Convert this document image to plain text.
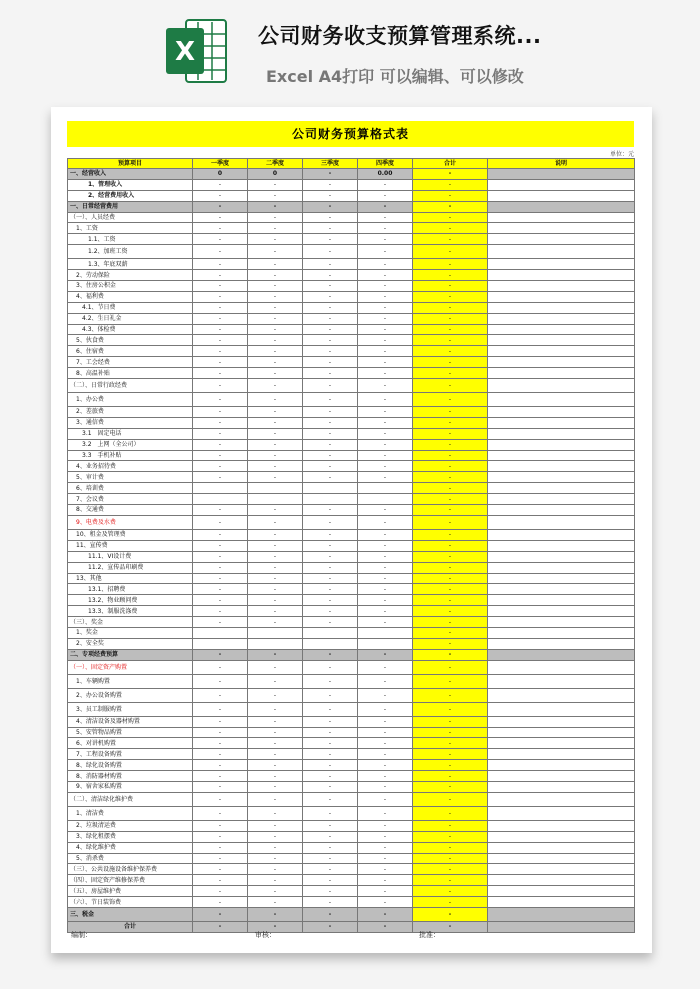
X
公司财务收支预算管理系统...
Excel A4打印 可以编辑、可以修改
公司财务预算格式表
单位：元
预算项目	一季度	二季度	三季度	四季度	合计	说明
一、经营收入	0	0	-	0.00	-	
1、管理收入	-	-	-	-	-	
2、经营费用收入	-	-	-	-	-	
一、日常经营费用	-	-	-	-	-	
（一）、人员经费	-	-	-	-	-	
1、工资	-	-	-	-	-	
1.1、工资	-	-	-	-	-	
1.2、加班工资	-	-	-	-	-	
1.3、年底双薪	-	-	-	-	-	
2、劳动保险	-	-	-	-	-	
3、住房公积金	-	-	-	-	-	
4、福利费	-	-	-	-	-	
4.1、节日费	-	-	-	-	-	
4.2、生日礼金	-	-	-	-	-	
4.3、体检费	-	-	-	-	-	
5、伙食费	-	-	-	-	-	
6、住宿费	-	-	-	-	-	
7、工会经费	-	-	-	-	-	
8、高温补贴	-	-	-	-	-	
（二）、日常行政经费	-	-	-	-	-	
1、办公费	-	-	-	-	-	
2、差旅费	-	-	-	-	-	
3、通信费	-	-	-	-	-	
3.1　固定电话	-	-	-	-	-	
3.2　上网（全公司）	-	-	-	-	-	
3.3　手机补贴	-	-	-	-	-	
4、业务招待费	-	-	-	-	-	
5、审计费	-	-	-	-	-	
6、培训费					-	
7、会议费					-	
8、交通费	-	-	-	-	-	
9、电费及水费	-	-	-	-	-	
10、租金及管理费	-	-	-	-	-	
11、宣传费	-	-	-	-	-	
11.1、VI设计费	-	-	-	-	-	
11.2、宣传品印刷费	-	-	-	-	-	
13、其他	-	-	-	-	-	
13.1、招聘费	-	-	-	-	-	
13.2、物业顾问费	-	-	-	-	-	
13.3、制服洗涤费	-	-	-	-	-	
（三）、奖金	-	-	-	-	-	
1、奖金					-	
2、安全奖					-	
二、专项经费预算	-	-	-	-	-	
（一）、固定资产购置	-	-	-	-	-	
1、车辆购置	-	-	-	-	-	
2、办公设备购置	-	-	-	-	-	
3、员工制服购置	-	-	-	-	-	
4、清洁设备及器材购置	-	-	-	-	-	
5、安管物品购置	-	-	-	-	-	
6、对讲机购置	-	-	-	-	-	
7、工程设备购置	-	-	-	-	-	
8、绿化设备购置	-	-	-	-	-	
8、消防器材购置	-	-	-	-	-	
9、宿舍家私购置	-	-	-	-	-	
（二）、清洁绿化维护费	-	-	-	-	-	
1、清洁费	-	-	-	-	-	
2、垃圾清运费	-	-	-	-	-	
3、绿化租摆费	-	-	-	-	-	
4、绿化维护费	-	-	-	-	-	
5、消杀费	-	-	-	-	-	
（三）、公共设施设备维护保养费	-	-	-	-	-	
（四）、固定资产维修保养费	-	-	-	-	-	
（五）、房屋维护费	-	-	-	-	-	
（六）、节日装饰费	-	-	-	-	-	
三、税金	-	-	-	-	-	
合计	-	-	-	-	-	
编制：	审核：	批准：
